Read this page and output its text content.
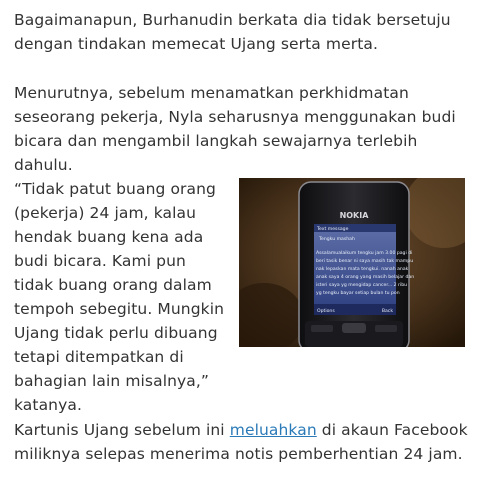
Bagaimanapun, Burhanudin berkata dia tidak bersetuju dengan tindakan memecat Ujang serta merta.

Menurutnya, sebelum menamatkan perkhidmatan seseorang pekerja, Nyla seharusnya menggunakan budi bicara dan mengambil langkah sewajarnya terlebih dahulu.

“Tidak patut buang orang (pekerja) 24 jam, kalau hendak buang kena ada budi bicara. Kami pun tidak buang orang dalam tempoh sebegitu. Mungkin Ujang tidak perlu dibuang tetapi ditempatkan di bahagian lain misalnya,” katanya.

Kartunis Ujang sebelum ini meluahkan di akaun Facebook miliknya selepas menerima notis pemberhentian 24 jam.

NOKIA
Text message
Tengku mashah
Assalamualaikum tengku jam 3.00 pagi di
beri tasik benar ni saya masih tak mampu
nak lepaskan mata tengkui. nanah anak
anak saya 4 orang yang masih belajar dan
isteri saya yg mengidap cancer... 2 ribu
yg tengku bayar setiap bulan tu pon
Options	Back
